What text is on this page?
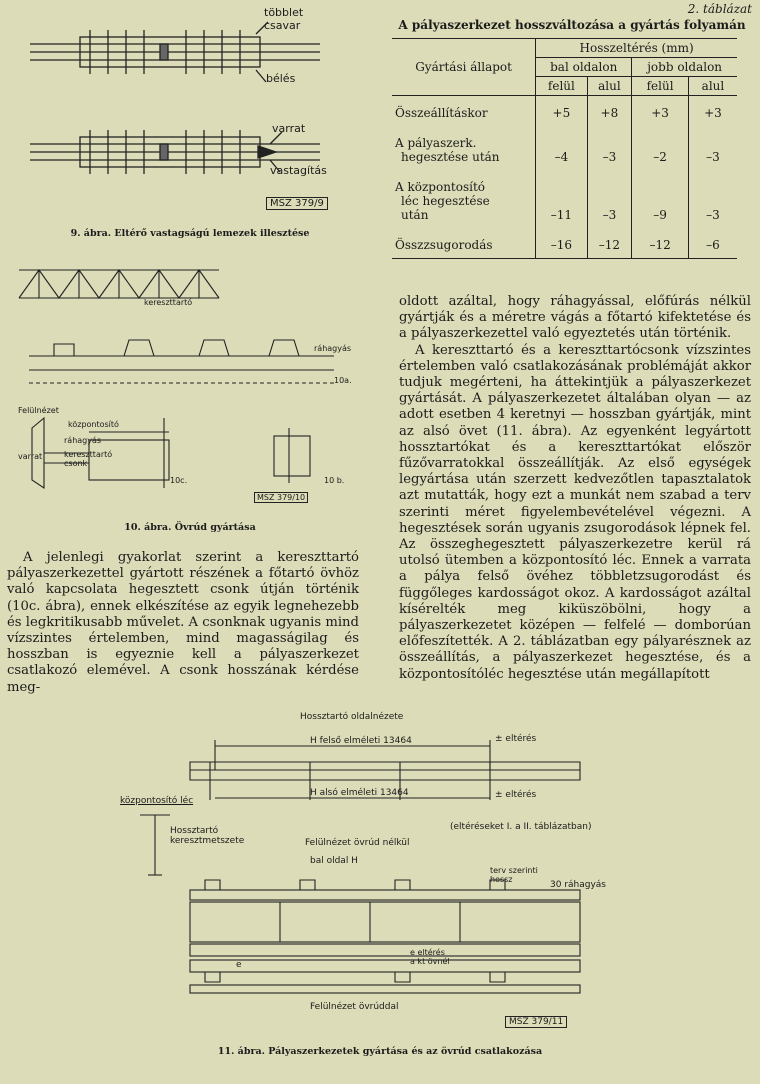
többlet
csavar
bélés
varrat
vastagítás
MSZ 379/9
9. ábra. Eltérő vastagságú lemezek illesztése
kereszttartó
ráhagyás
10a.
Felülnézet
központosító
ráhagyás
kereszttartó
csonk
varrat
10c.	10 b.
MSZ 379/10
10. ábra. Övrúd gyártása

A jelenlegi gyakorlat szerint a kereszttartó pályaszerkezettel gyártott részének a főtartó övhöz való kapcsolata hegesztett csonk útján történik (10c. ábra), ennek elkészítése az egyik legnehezebb és legkritikusabb művelet. A csonknak ugyanis mind vízszintes értelemben, mind magasságilag és hosszban is egyeznie kell a pályaszerkezet csatlakozó elemével. A csonk hosszának kérdése meg-

2. táblázat
A pályaszerkezet hosszváltozása a gyártás folyamán
Gyártási állapot	Hosszeltérés (mm)			
	bal oldalon		jobb oldalon	
	felül	alul	felül	alul
Összeállításkor	+5	+8	+3	+3

A pályaszerk.
hegesztése után	–4	–3	–2	–3

A központosító
léc hegesztése
után	–11	–3	–9	–3
Összzsugorodás	–16	–12	–12	–6

oldott azáltal, hogy ráhagyással, előfúrás nélkül gyártják és a méretre vágás a főtartó kifektetése és a pályaszerkezettel való egyeztetés után történik.

A kereszttartó és a kereszttartócsonk vízszintes értelemben való csatlakozásának problémáját akkor tudjuk megérteni, ha áttekintjük a pályaszerkezet gyártását. A pályaszerkezetet általában olyan — az adott esetben 4 keretnyi — hosszban gyártják, mint az alsó övet (11. ábra). Az egyenként legyártott hossztartókat és a kereszttartókat először fűzővarratokkal összeállítják. Az első egységek legyártása után szerzett kedvezőtlen tapasztalatok azt mutatták, hogy ezt a munkát nem szabad a terv szerinti méret figyelembevételével végezni. A hegesztések során ugyanis zsugorodások lépnek fel. Az összeghegesztett pályaszerkezetre kerül rá utolsó ütemben a központosító léc. Ennek a varrata a pálya felső övéhez többletzsugorodást és függőleges kardosságot okoz. A kardosságot azáltal kísérelték meg kiküszöbölni, hogy a pályaszerkezetet középen — felfelé — domborúan előfeszítették. A 2. táblázatban egy pályarésznek az összeállítás, a pályaszerkezet hegesztése, és a központosítóléc hegesztése után megállapított

Hossztartó oldalnézete
H felső elméleti 13464	± eltérés
H alsó elméleti 13464	± eltérés
központosító léc
Hossztartó
keresztmetszete
(eltéréseket I. a II. táblázatban)
Felülnézet övrúd nélkül
bal oldal H
terv szerinti
hossz
30 ráhagyás
e eltérés
a kt övnél
e
Felülnézet övrúddal
MSZ 379/11
11. ábra. Pályaszerkezetek gyártása és az övrúd csatlakozása
